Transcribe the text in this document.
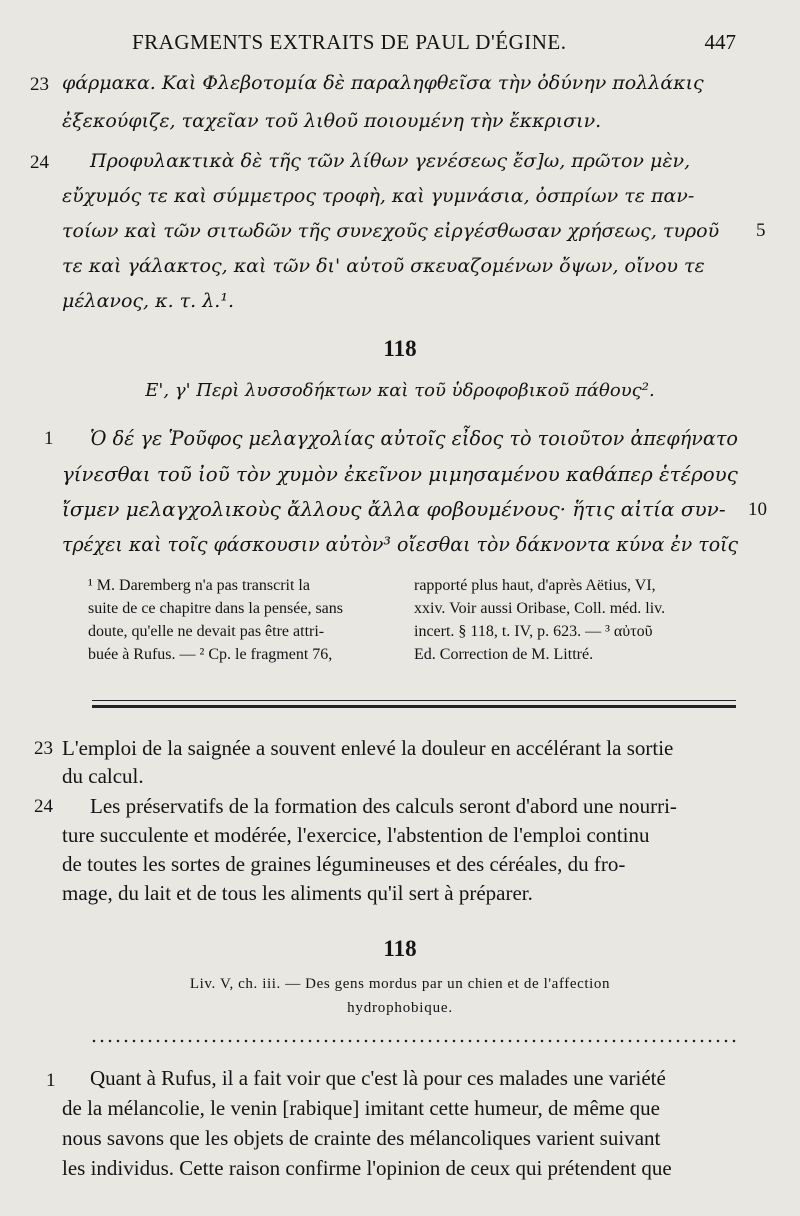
FRAGMENTS EXTRAITS DE PAUL D'ÉGINE.	447
23 φάρμακα. Καὶ Φλεβοτομία δὲ παραληφθεῖσα τὴν ὀδύνην πολλάκις
ἐξεκούφιζε, ταχεῖαν τοῦ λιθοῦ ποιουμένη τὴν ἔκκρισιν.
24 Προφυλακτικὰ δὲ τῆς τῶν λίθων γενέσεως ἔσ]ω, πρῶτον μὲν,
εὔχυμός τε καὶ σύμμετρος τροφὴ, καὶ γυμνάσια, ὀσπρίων τε παν-
τοίων καὶ τῶν σιτωδῶν τῆς συνεχοῦς εἰργέσθωσαν χρήσεως, τυροῦ 5
τε καὶ γάλακτος, καὶ τῶν δι' αὐτοῦ σκευαζομένων ὄψων, οἴνου τε
μέλανος, κ. τ. λ.¹.
118
Ε', γ' Περὶ λυσσοδήκτων καὶ τοῦ ὑδροφοβικοῦ πάθους².
1 Ὁ δέ γε Ῥοῦφος μελαγχολίας αὐτοῖς εἶδος τὸ τοιοῦτον ἀπεφήνατο
γίνεσθαι τοῦ ἰοῦ τὸν χυμὸν ἐκεῖνον μιμησαμένου καθάπερ ἑτέρους
ἴσμεν μελαγχολικοὺς ἄλλους ἄλλα φοβουμένους· ἥτις αἰτία συν- 10
τρέχει καὶ τοῖς φάσκουσιν αὐτὸν³ οἴεσθαι τὸν δάκνοντα κύνα ἐν τοῖς
¹ M. Daremberg n'a pas transcrit la
suite de ce chapitre dans la pensée, sans
doute, qu'elle ne devait pas être attri-
buée à Rufus. — ² Cp. le fragment 76,
rapporté plus haut, d'après Aëtius, VI,
xxiv. Voir aussi Oribase, Coll. méd. liv.
incert. § 118, t. IV, p. 623. — ³ αὐτοῦ
Ed. Correction de M. Littré.
23 L'emploi de la saignée a souvent enlevé la douleur en accélérant la sortie
du calcul.
24 Les préservatifs de la formation des calculs seront d'abord une nourri-
ture succulente et modérée, l'exercice, l'abstention de l'emploi continu
de toutes les sortes de graines légumineuses et des céréales, du fro-
mage, du lait et de tous les aliments qu'il sert à préparer.
118
Liv. V, ch. iii. — Des gens mordus par un chien et de l'affection
hydrophobique.
1 Quant à Rufus, il a fait voir que c'est là pour ces malades une variété
de la mélancolie, le venin [rabique] imitant cette humeur, de même que
nous savons que les objets de crainte des mélancoliques varient suivant
les individus. Cette raison confirme l'opinion de ceux qui prétendent que
